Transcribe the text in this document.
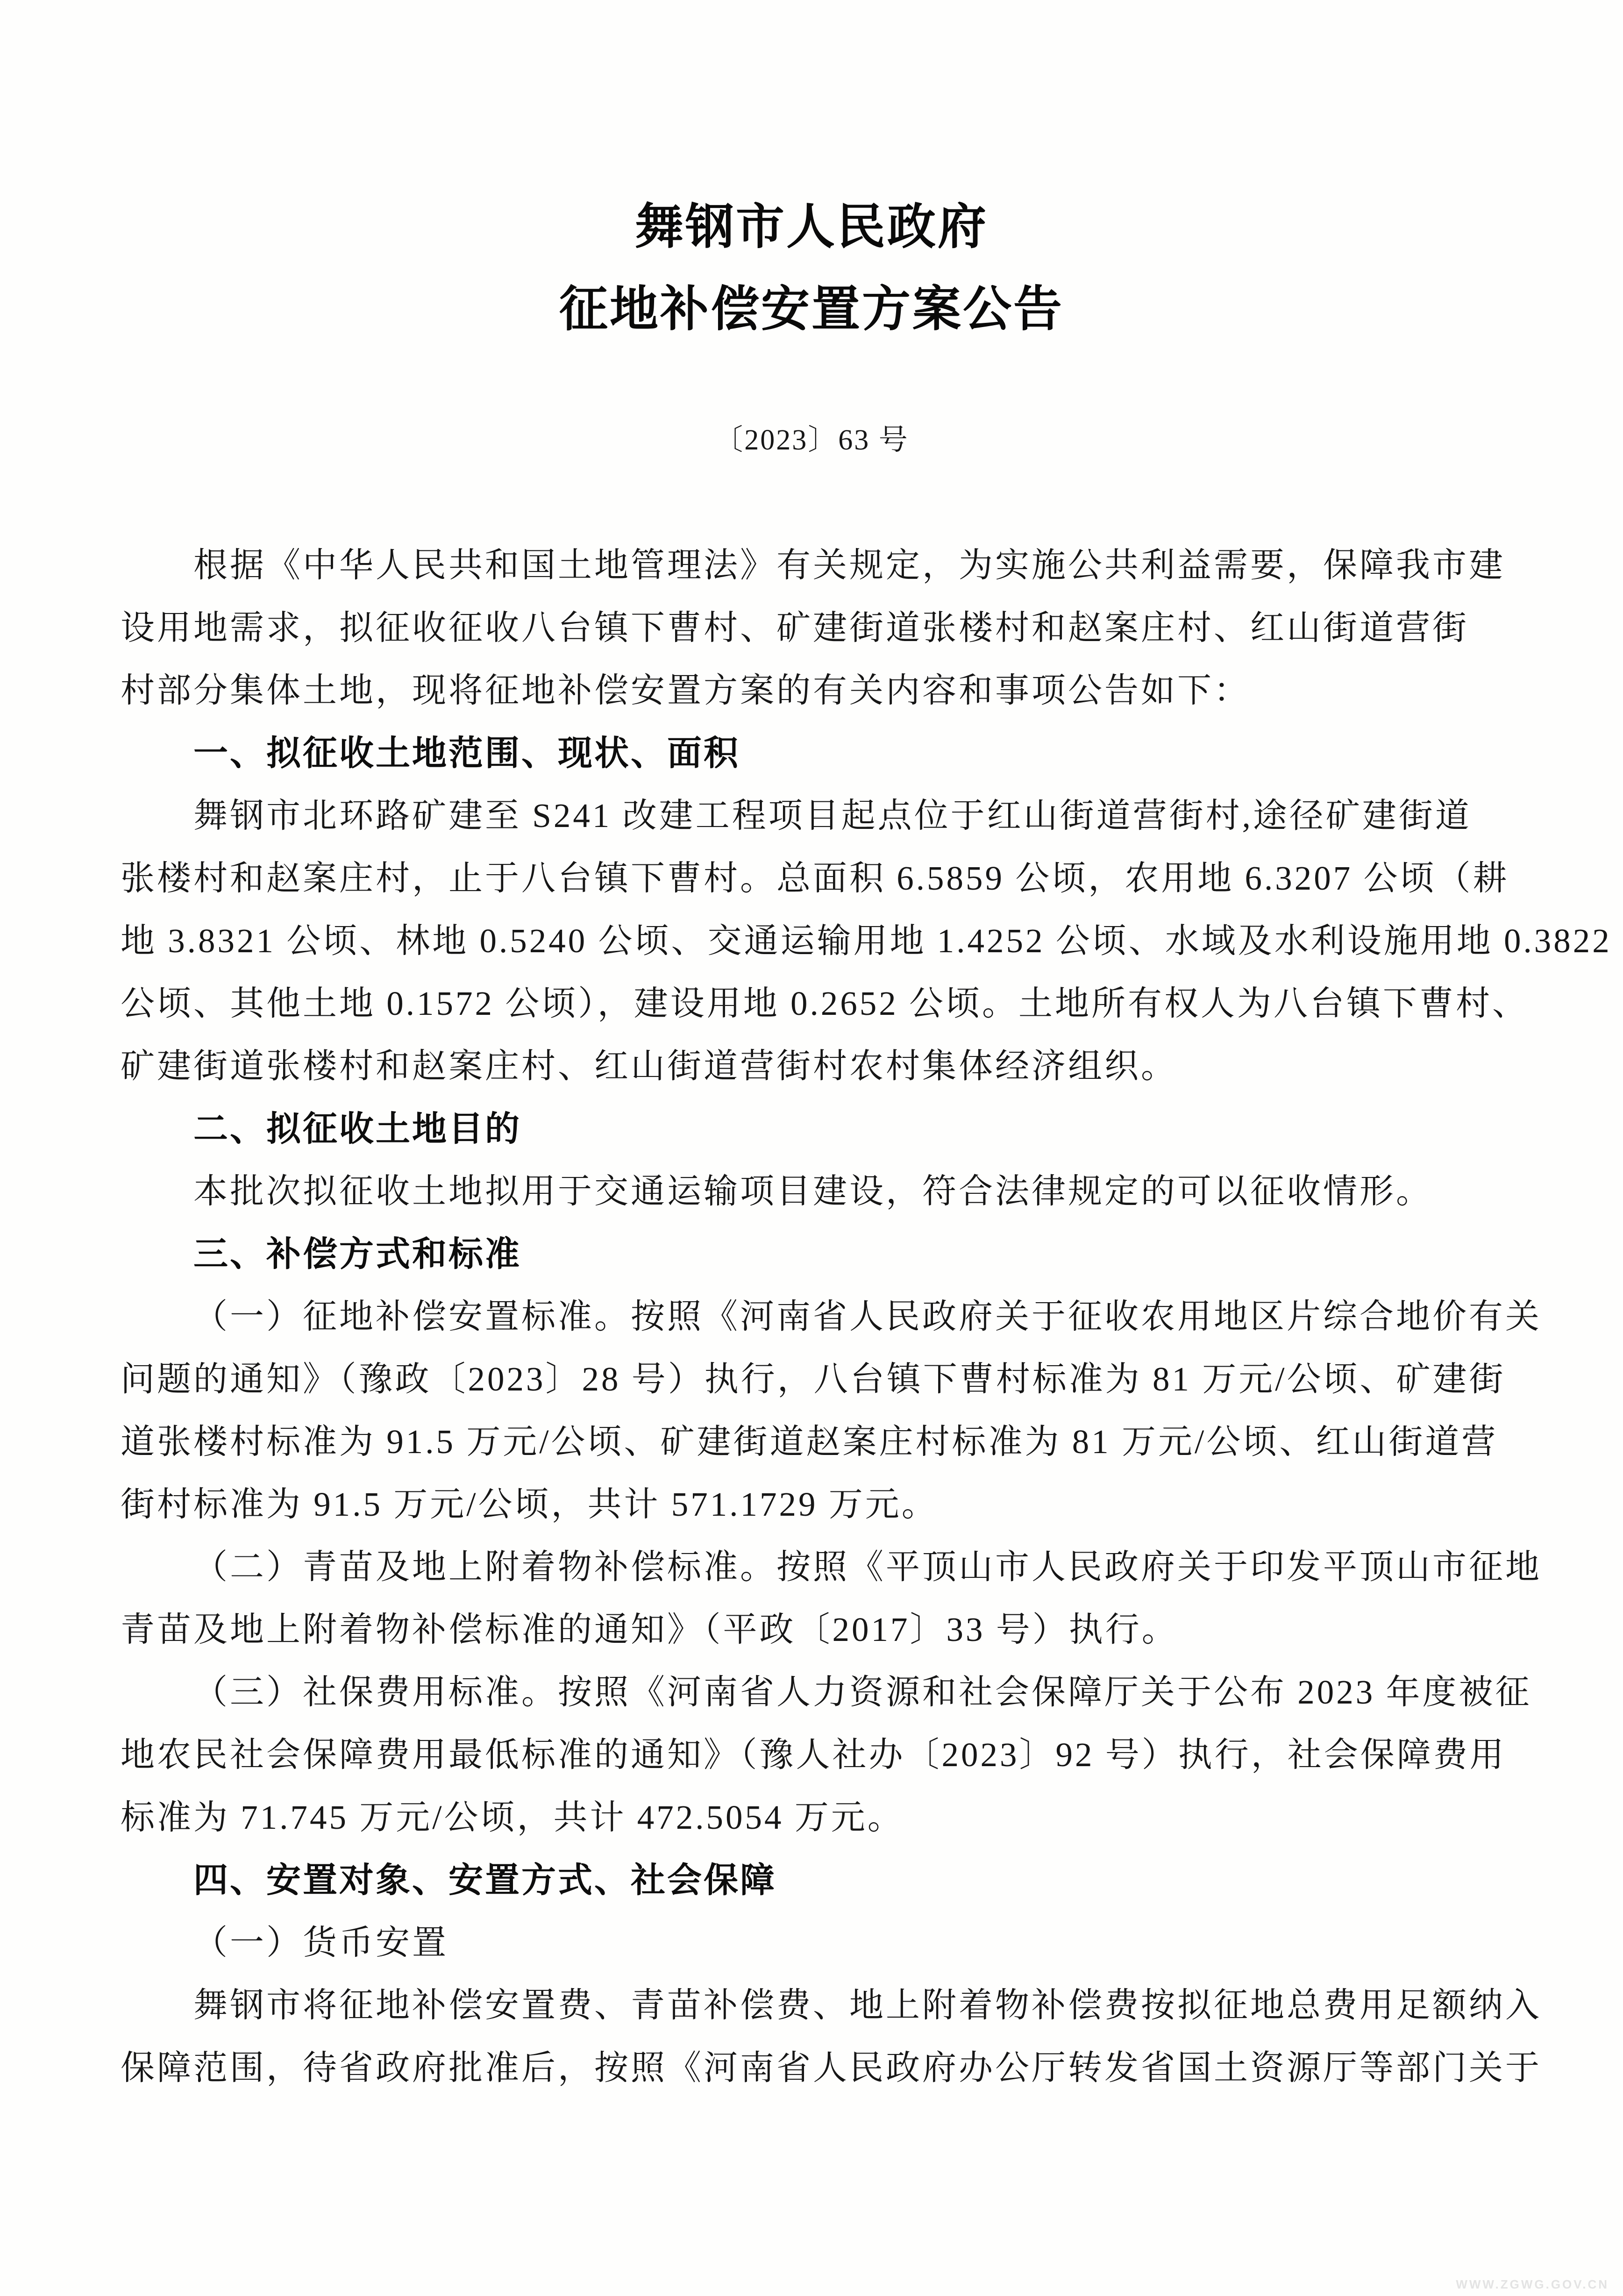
舞钢市人民政府
征地补偿安置方案公告
〔2023〕63 号
根据《中华人民共和国土地管理法》有关规定，为实施公共利益需要，保障我市建
设用地需求，拟征收征收八台镇下曹村、矿建街道张楼村和赵案庄村、红山街道营街
村部分集体土地，现将征地补偿安置方案的有关内容和事项公告如下：
一、拟征收土地范围、现状、面积
舞钢市北环路矿建至 S241 改建工程项目起点位于红山街道营街村,途径矿建街道
张楼村和赵案庄村，止于八台镇下曹村。总面积 6.5859 公顷，农用地 6.3207 公顷（耕
地 3.8321 公顷、林地 0.5240 公顷、交通运输用地 1.4252 公顷、水域及水利设施用地 0.3822
公顷、其他土地 0.1572 公顷），建设用地 0.2652 公顷。土地所有权人为八台镇下曹村、
矿建街道张楼村和赵案庄村、红山街道营街村农村集体经济组织。
二、拟征收土地目的
本批次拟征收土地拟用于交通运输项目建设，符合法律规定的可以征收情形。
三、补偿方式和标准
（一）征地补偿安置标准。按照《河南省人民政府关于征收农用地区片综合地价有关
问题的通知》（豫政〔2023〕28 号）执行，八台镇下曹村标准为 81 万元/公顷、矿建街
道张楼村标准为 91.5 万元/公顷、矿建街道赵案庄村标准为 81 万元/公顷、红山街道营
街村标准为 91.5 万元/公顷，共计 571.1729 万元。
（二）青苗及地上附着物补偿标准。按照《平顶山市人民政府关于印发平顶山市征地
青苗及地上附着物补偿标准的通知》（平政〔2017〕33 号）执行。
（三）社保费用标准。按照《河南省人力资源和社会保障厅关于公布 2023 年度被征
地农民社会保障费用最低标准的通知》（豫人社办〔2023〕92 号）执行，社会保障费用
标准为 71.745 万元/公顷，共计 472.5054 万元。
四、安置对象、安置方式、社会保障
（一）货币安置
舞钢市将征地补偿安置费、青苗补偿费、地上附着物补偿费按拟征地总费用足额纳入
保障范围，待省政府批准后，按照《河南省人民政府办公厅转发省国土资源厅等部门关于
WWW.ZGWG.GOV.CN
